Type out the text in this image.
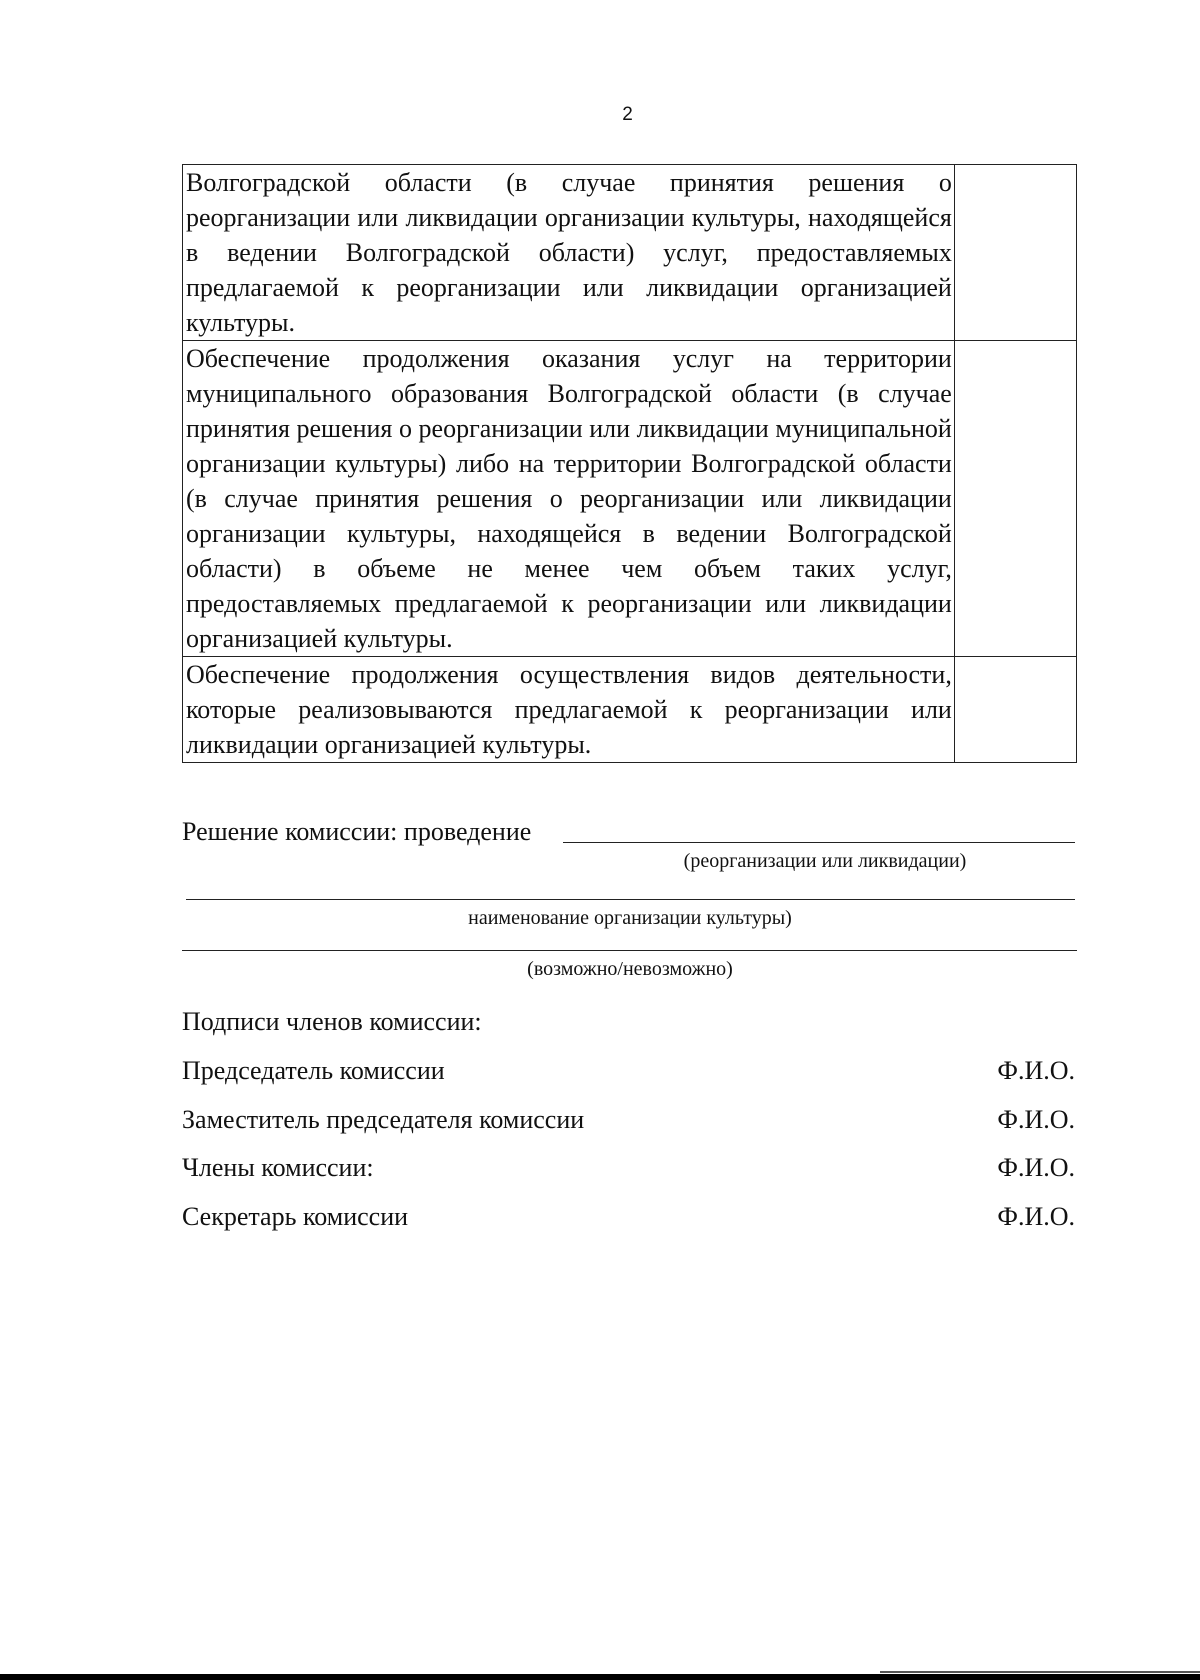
2
Волгоградской области (в случае принятия решения о реорганизации или ликвидации организации культуры, находящейся в ведении Волгоградской области) услуг, предоставляемых предлагаемой к реорганизации или ликвидации организацией культуры.	
Обеспечение продолжения оказания услуг на территории муниципального образования Волгоградской области (в случае принятия решения о реорганизации или ликвидации муниципальной организации культуры) либо на территории Волгоградской области (в случае принятия решения о реорганизации или ликвидации организации культуры, находящейся в ведении Волгоградской области) в объеме не менее чем объем таких услуг, предоставляемых предлагаемой к реорганизации или ликвидации организацией культуры.	
Обеспечение продолжения осуществления видов деятельности, которые реализовываются предлагаемой к реорганизации или ликвидации организацией культуры.	
Решение комиссии: проведение
(реорганизации или ликвидации)
наименование организации культуры)
(возможно/невозможно)
Подписи членов комиссии:
Председатель комиссии	Ф.И.О.
Заместитель председателя комиссии	Ф.И.О.
Члены комиссии:	Ф.И.О.
Секретарь комиссии	Ф.И.О.
